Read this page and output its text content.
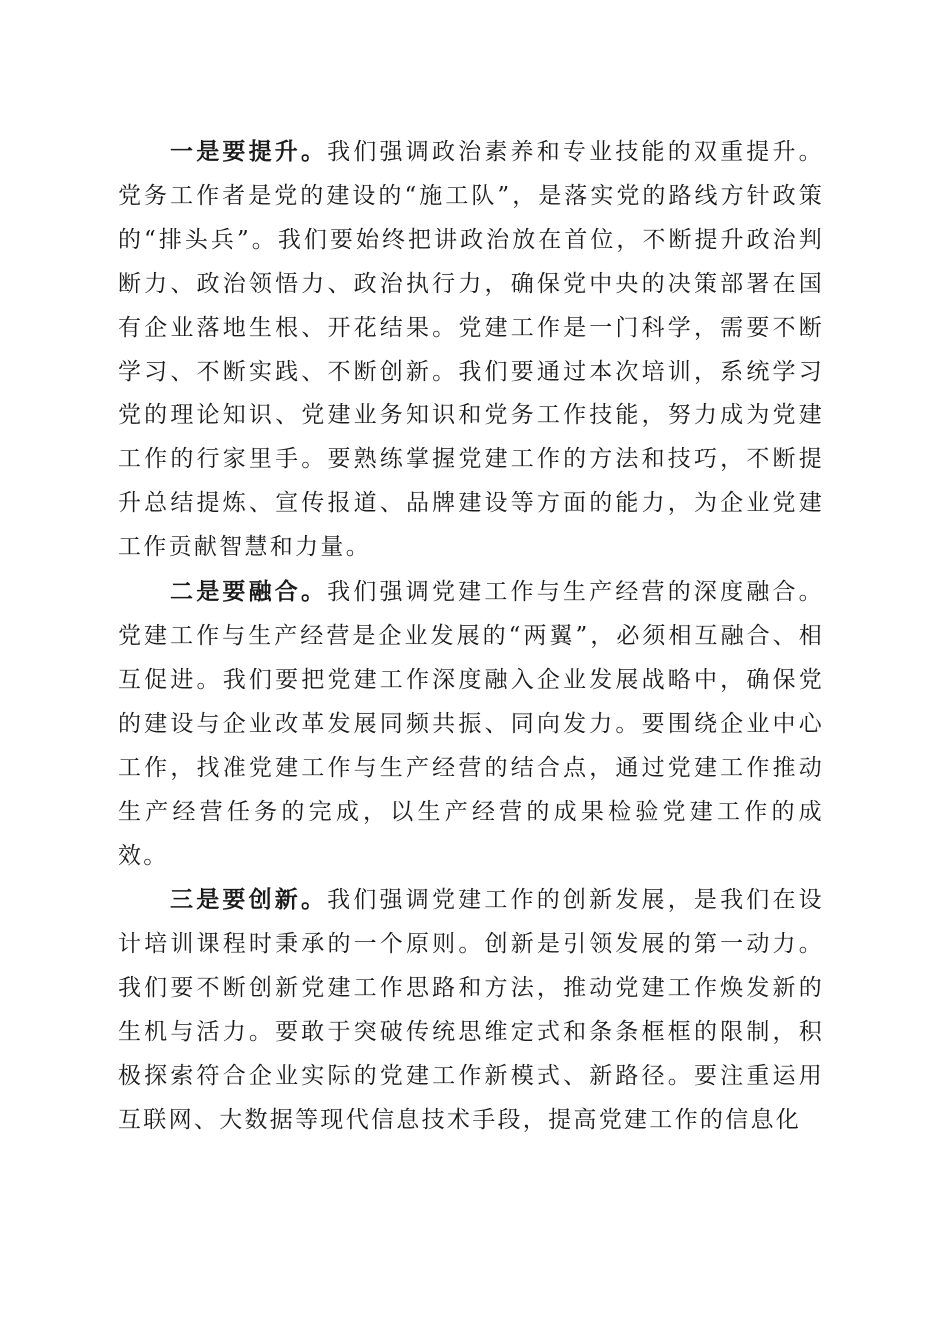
一是要提升。我们强调政治素养和专业技能的双重提升。党务工作者是党的建设的“施工队”，是落实党的路线方针政策的“排头兵”。我们要始终把讲政治放在首位，不断提升政治判断力、政治领悟力、政治执行力，确保党中央的决策部署在国有企业落地生根、开花结果。党建工作是一门科学，需要不断学习、不断实践、不断创新。我们要通过本次培训，系统学习党的理论知识、党建业务知识和党务工作技能，努力成为党建工作的行家里手。要熟练掌握党建工作的方法和技巧，不断提升总结提炼、宣传报道、品牌建设等方面的能力，为企业党建工作贡献智慧和力量。

二是要融合。我们强调党建工作与生产经营的深度融合。党建工作与生产经营是企业发展的“两翼”，必须相互融合、相互促进。我们要把党建工作深度融入企业发展战略中，确保党的建设与企业改革发展同频共振、同向发力。要围绕企业中心工作，找准党建工作与生产经营的结合点，通过党建工作推动生产经营任务的完成，以生产经营的成果检验党建工作的成效。

三是要创新。我们强调党建工作的创新发展，是我们在设计培训课程时秉承的一个原则。创新是引领发展的第一动力。我们要不断创新党建工作思路和方法，推动党建工作焕发新的生机与活力。要敢于突破传统思维定式和条条框框的限制，积极探索符合企业实际的党建工作新模式、新路径。要注重运用互联网、大数据等现代信息技术手段，提高党建工作的信息化
